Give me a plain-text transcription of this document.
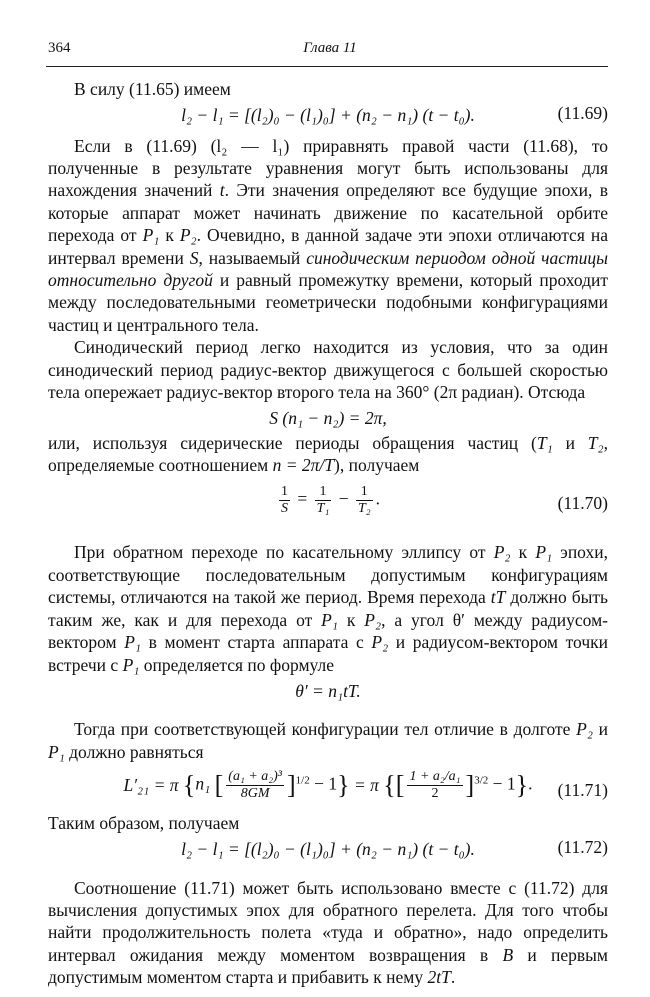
364	Глава 11

В силу (11.65) имеем

l₂ − l₁ = [(l₂)₀ − (l₁)₀] + (n₂ − n₁) (t − t₀).	(11.69)

Если в (11.69) (l₂ — l₁) приравнять правой части (11.68), то полученные в результате уравнения могут быть использованы для нахождения значений t. Эти значения определяют все будущие эпохи, в которые аппарат может начинать движение по касательной орбите перехода от P₁ к P₂. Очевидно, в данной задаче эти эпохи отличаются на интервал времени S, называемый синодическим периодом одной частицы относительно другой и равный промежутку времени, который проходит между последовательными геометрически подобными конфигурациями частиц и центрального тела.

Синодический период легко находится из условия, что за один синодический период радиус-вектор движущегося с большей скоростью тела опережает радиус-вектор второго тела на 360° (2π радиан). Отсюда

S (n₁ − n₂) = 2π,

или, используя сидерические периоды обращения частиц (T₁ и T₂, определяемые соотношением n = 2π/T), получаем

$\frac{1}{S} = \frac{1}{\text{T₁}} - \frac{1}{\text{T₂}}$ .	(11.70)

При обратном переходе по касательному эллипсу от P₂ к P₁ эпохи, соответствующие последовательным допустимым конфигурациям системы, отличаются на такой же период. Время перехода tT должно быть таким же, как и для перехода от P₁ к P₂, а угол θ′ между радиусом-вектором P₁ в момент старта аппарата с P₂ и радиусом-вектором точки встречи с P₁ определяется по формуле

θ′ = n₁tT.

Тогда при соответствующей конфигурации тел отличие в долготе P₂ и P₁ должно равняться

L′₂₁ = π {n₁ [ $\frac{\text{(a₁ + a₂)³}}{8GM} ]^{1/2} - 1\} = \pi$ {[ $\frac{\text{1 + a₂/a₁}}{2} ]^{3/2} - 1$}. (11.71)

Таким образом, получаем

l₂ − l₁ = [(l₂)₀ − (l₁)₀] + (n₂ − n₁) (t − t₀).	(11.72)

Соотношение (11.71) может быть использовано вместе с (11.72) для вычисления допустимых эпох для обратного перелета. Для того чтобы найти продолжительность полета «туда и обратно», надо определить интервал ожидания между моментом возвращения в B и первым допустимым моментом старта и прибавить к нему 2tT.
